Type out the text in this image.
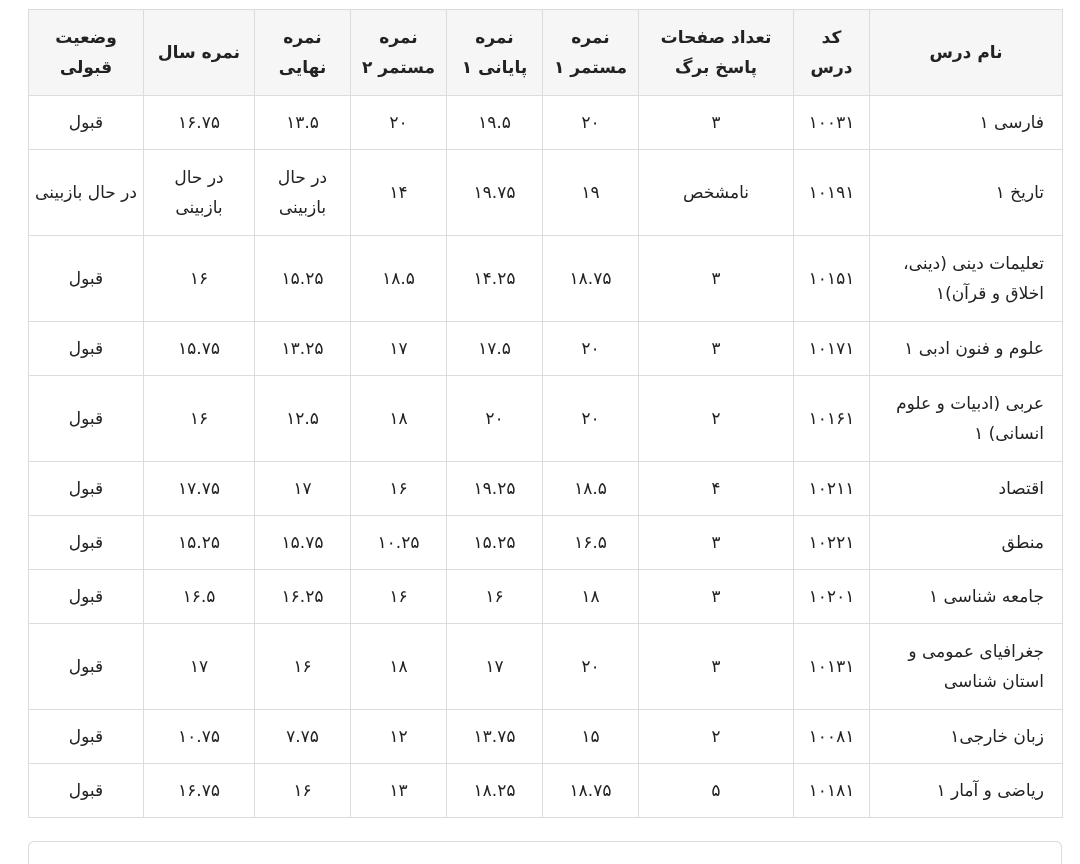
نام درس	کد درس	تعداد صفحات پاسخ برگ	نمره مستمر ۱	نمره پایانی ۱	نمره مستمر ۲	نمره نهایی	نمره سال	وضعیت قبولی
فارسی ۱	۱۰۰۳۱	۳	۲۰	۱۹.۵	۲۰	۱۳.۵	۱۶.۷۵	قبول
تاریخ ۱	۱۰۱۹۱	نامشخص	۱۹	۱۹.۷۵	۱۴	در حال بازبینی	در حال بازبینی	در حال بازبینی
تعلیمات دینی (دینی، اخلاق و قرآن)۱	۱۰۱۵۱	۳	۱۸.۷۵	۱۴.۲۵	۱۸.۵	۱۵.۲۵	۱۶	قبول
علوم و فنون ادبی ۱	۱۰۱۷۱	۳	۲۰	۱۷.۵	۱۷	۱۳.۲۵	۱۵.۷۵	قبول
عربی (ادبیات و علوم انسانی) ۱	۱۰۱۶۱	۲	۲۰	۲۰	۱۸	۱۲.۵	۱۶	قبول
اقتصاد	۱۰۲۱۱	۴	۱۸.۵	۱۹.۲۵	۱۶	۱۷	۱۷.۷۵	قبول
منطق	۱۰۲۲۱	۳	۱۶.۵	۱۵.۲۵	۱۰.۲۵	۱۵.۷۵	۱۵.۲۵	قبول
جامعه شناسی ۱	۱۰۲۰۱	۳	۱۸	۱۶	۱۶	۱۶.۲۵	۱۶.۵	قبول
جغرافیای عمومی و استان شناسی	۱۰۱۳۱	۳	۲۰	۱۷	۱۸	۱۶	۱۷	قبول
زبان خارجی۱	۱۰۰۸۱	۲	۱۵	۱۳.۷۵	۱۲	۷.۷۵	۱۰.۷۵	قبول
ریاضی و آمار ۱	۱۰۱۸۱	۵	۱۸.۷۵	۱۸.۲۵	۱۳	۱۶	۱۶.۷۵	قبول
